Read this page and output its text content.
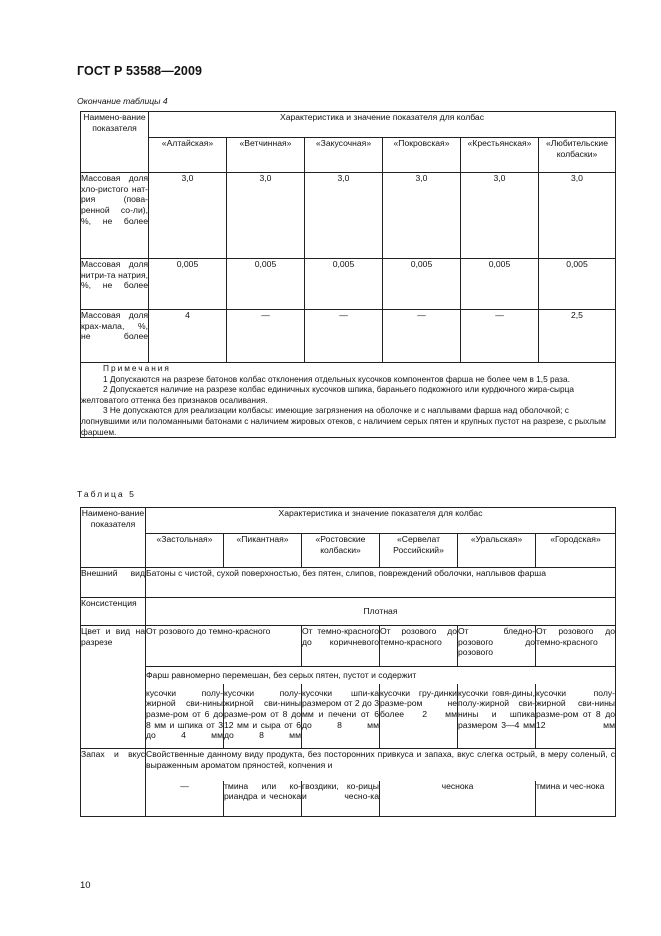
ГОСТ Р 53588—2009
Окончание таблицы 4
Наимено-вание показателя	Характеристика и значение показателя для колбас					
	«Алтайская»	«Ветчинная»	«Закусочная»	«Покровская»	«Крестьянская»	«Любительские колбаски»
Массовая доля хло-ристого нат-рия (пова-ренной со-ли), %, не более	3,0	3,0	3,0	3,0	3,0	3,0
Массовая доля нитри-та натрия, %, не более	0,005	0,005	0,005	0,005	0,005	0,005
Массовая доля крах-мала, %, не более	4	—	—	—	—	2,5

Примечания

1 Допускаются на разрезе батонов колбас отклонения отдельных кусочков компонентов фарша не более чем в 1,5 раза.

2 Допускается наличие на разрезе колбас единичных кусочков шпика, бараньего подкожного или курдючного жира-сырца желтоватого оттенка без признаков осаливания.

3 Не допускаются для реализации колбасы: имеющие загрязнения на оболочке и с наплывами фарша над оболочкой; с лопнувшими или поломанными батонами с наличием жировых отеков, с наличием серых пятен и крупных пустот на разрезе, с рыхлым фаршем.						

Таблица 5
Наимено-вание показателя	Характеристика и значение показателя для колбас					
	«Застольная»	«Пикантная»	«Ростовские колбаски»	«Сервелат Российский»	«Уральская»	«Городская»
Внешний вид	Батоны с чистой, сухой поверхностью, без пятен, слипов, повреждений оболочки, наплывов фарша					
Консистенция	Плотная					
Цвет и вид на разрезе	От розового до темно-красного		От темно-красного до коричневого	От розового до темно-красного	От бледно-розового до розового	От розового до темно-красного
	Фарш равномерно перемешан, без серых пятен, пустот и содержит					
	кусочки полу-жирной сви-нины разме-ром от 6 до 8 мм и шпика от 3 до 4 мм	кусочки полу-жирной сви-нины разме-ром от 8 до 12 мм и сыра от 6 до 8 мм	кусочки шпи-ка размером от 2 до 3 мм и печени от 6 до 8 мм	кусочки гру-динки разме-ром не более 2 мм	кусочки говя-дины, полу-жирной сви-нины и шпика размером 3—4 мм	кусочки полу-жирной сви-нины разме-ром от 8 до 12 мм
Запах и вкус	Свойственные данному виду продукта, без посторонних привкуса и запаха, вкус слегка острый, в меру соленый, с выраженным ароматом пряностей, копчения и					
	—	тмина или ко-риандра и чеснока	гвоздики, ко-рицы и чесно-ка	чеснока		тмина и чес-нока
10
